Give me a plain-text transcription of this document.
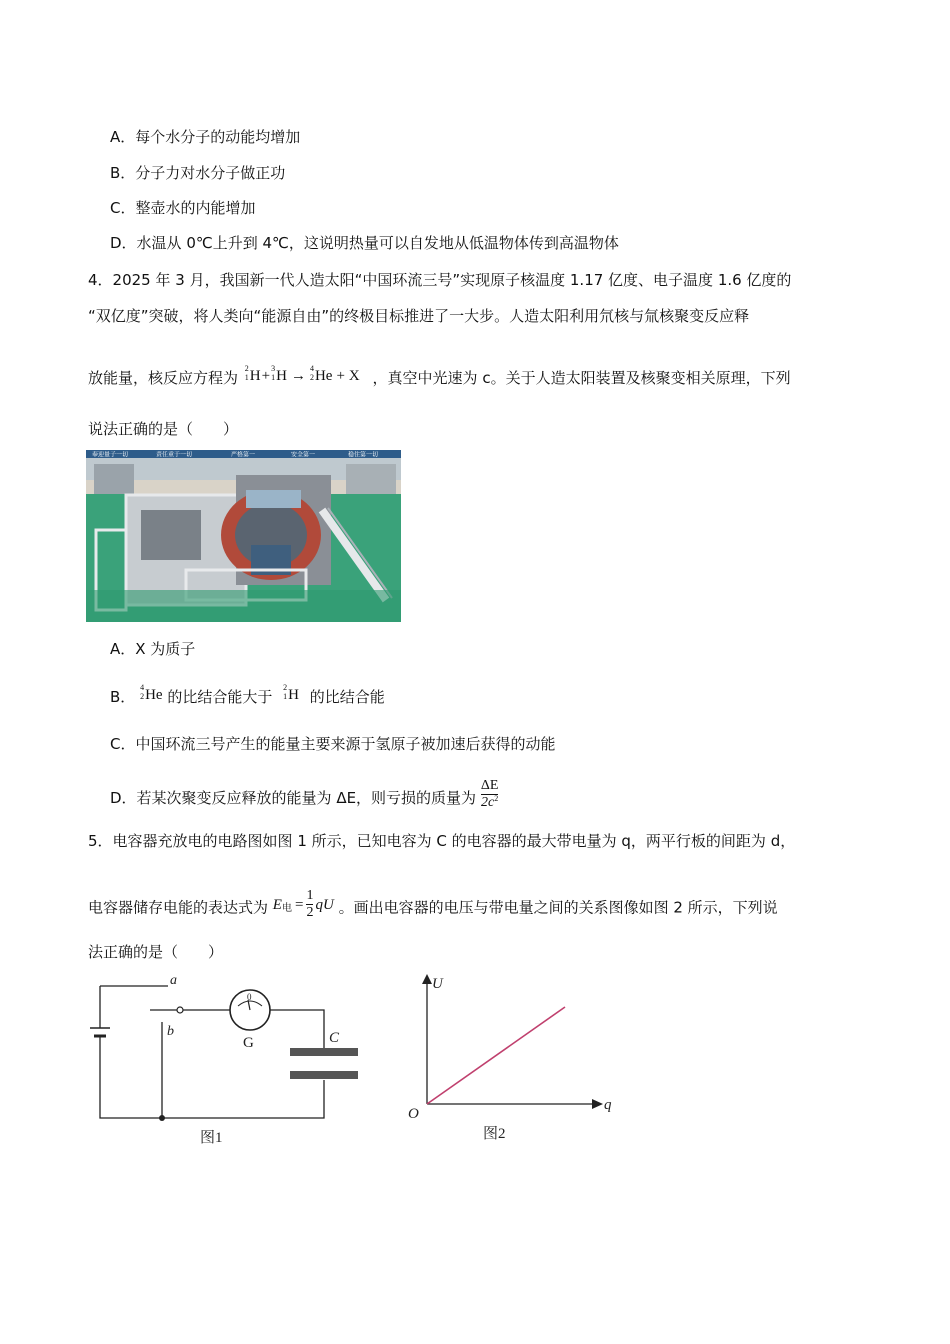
A．每个水分子的动能均增加
B．分子力对水分子做正功
C．整壶水的内能增加
D．水温从 0℃上升到 4℃，这说明热量可以自发地从低温物体传到高温物体
4．2025 年 3 月，我国新一代人造太阳“中国环流三号”实现原子核温度 1.17 亿度、电子温度 1.6 亿度的
“双亿度”突破，将人类向“能源自由”的终极目标推进了一大步。人造太阳利用氘核与氚核聚变反应释
放能量，核反应方程为
2
1 H + 3
1 H → 4
2 He + X ，真空中光速为 c。关于人造太阳装置及核聚变相关原理，下列
说法正确的是（　　）
奉迎量子一切	责任重于一切	严格第一	安全第一	稳住第一切
A．X 为质子
B．
4
2 He 的比结合能大于
2
1 H 的比结合能
C．中国环流三号产生的能量主要来源于氢原子被加速后获得的动能
D．若某次聚变反应释放的能量为 ΔE，则亏损的质量为 $\frac{\Delta E}{2c2}$
5．电容器充放电的电路图如图 1 所示，已知电容为 C 的电容器的最大带电量为 q，两平行板的间距为 d，
电容器储存电能的表达式为 E 电 = $\frac{1}{2}$ qU 。画出电容器的电压与带电量之间的关系图像如图 2 所示，下列说
法正确的是（　　）
a
b
0
G	C
图1
U
q
O
图2
